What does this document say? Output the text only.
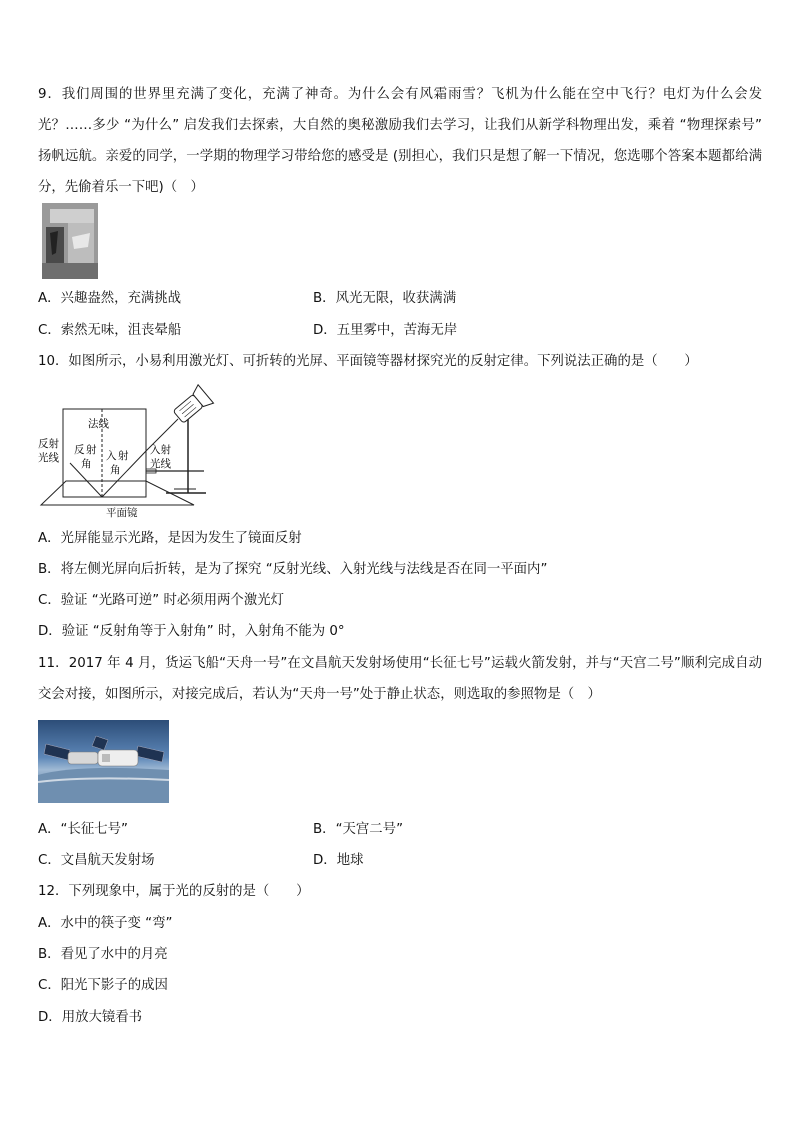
9．我们周围的世界里充满了变化，充满了神奇。为什么会有风霜雨雪？飞机为什么能在空中飞行？电灯为什么会发光？……多少 “为什么” 启发我们去探索，大自然的奥秘激励我们去学习，让我们从新学科物理出发，乘着 “物理探索号” 扬帆远航。亲爱的同学，一学期的物理学习带给您的感受是 (别担心，我们只是想了解一下情况，您选哪个答案本题都给满分，先偷着乐一下吧)（　）
A．兴趣盎然，充满挑战	B．风光无限，收获满满
C．索然无味，沮丧晕船	D．五里雾中，苦海无岸
10．如图所示，小易利用激光灯、可折转的光屏、平面镜等器材探究光的反射定律。下列说法正确的是（　　）
法线
反射
光线
反 射
角
入 射
角
入射
光线
平面镜
A．光屏能显示光路，是因为发生了镜面反射
B．将左侧光屏向后折转，是为了探究 “反射光线、入射光线与法线是否在同一平面内”
C．验证 “光路可逆” 时必须用两个激光灯
D．验证 “反射角等于入射角” 时，入射角不能为 0°
11．2017 年 4 月，货运飞船“天舟一号”在文昌航天发射场使用“长征七号”运载火箭发射，并与“天宫二号”顺利完成自动交会对接，如图所示，对接完成后，若认为“天舟一号”处于静止状态，则选取的参照物是（　）
A．“长征七号”	B．“天宫二号”
C．文昌航天发射场	D．地球
12．下列现象中，属于光的反射的是（　　）
A．水中的筷子变 “弯”
B．看见了水中的月亮
C．阳光下影子的成因
D．用放大镜看书
